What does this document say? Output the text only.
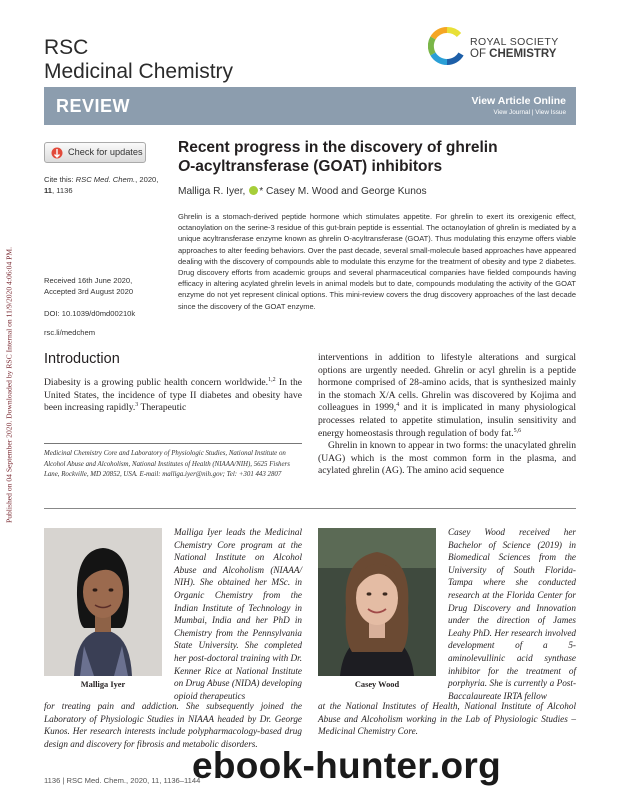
Published on 04 September 2020. Downloaded by RSC Internal on 11/9/2020 4:06:04 PM.
RSC
Medicinal Chemistry
ROYAL SOCIETY
OF CHEMISTRY
REVIEW	View Article Online
View Journal | View Issue
Check for updates
Cite this: RSC Med. Chem., 2020, 11, 1136
Received 16th June 2020,
Accepted 3rd August 2020
DOI: 10.1039/d0md00210k
rsc.li/medchem
Recent progress in the discovery of ghrelin
O-acyltransferase (GOAT) inhibitors
Malliga R. Iyer, * Casey M. Wood and George Kunos
Ghrelin is a stomach-derived peptide hormone which stimulates appetite. For ghrelin to exert its orexigenic effect, octanoylation on the serine-3 residue of this gut-brain peptide is essential. The octanoylation of ghrelin is mediated by a unique acyltransferase enzyme known as ghrelin O-acyltransferase (GOAT). Thus modulating this enzyme offers viable approaches to alter feeding behaviors. Over the past decade, several small-molecule based approaches have appeared dealing with the discovery of compounds able to modulate this enzyme for the treatment of obesity and type 2 diabetes. Drug discovery efforts from academic groups and several pharmaceutical companies have fielded compounds having efficacy in altering acylated ghrelin levels in animal models but to date, compounds modulating the activity of the GOAT enzyme do not yet represent clinical options. This mini-review covers the drug discovery approaches of the last decade since the discovery of the GOAT enzyme.
Introduction
Diabesity is a growing public health concern worldwide.$^{1,2}$ In the United States, the incidence of type II diabetes and obesity have been increasing rapidly.$^3$ Therapeutic
Medicinal Chemistry Core and Laboratory of Physiologic Studies, National Institute on Alcohol Abuse and Alcoholism, National Institutes of Health (NIAAA/NIH), 5625 Fishers Lane, Rockville, MD 20852, USA. E-mail: malliga.iyer@nih.gov; Tel: +301 443 2807

interventions in addition to lifestyle alterations and surgical options are urgently needed. Ghrelin or acyl ghrelin is a peptide hormone comprised of 28-amino acids, that is synthesized mainly in the stomach X/A cells. Ghrelin was discovered by Kojima and colleagues in 1999,$^4$ and it is implicated in many physiological processes related to appetite stimulation, insulin sensitivity and energy homeostasis through regulation of body fat.$^{5,6}$

Ghrelin in known to appear in two forms: the unacylated ghrelin (UAG) which is the most common form in the plasma, and acylated ghrelin (AG). The amino acid sequence

Malliga Iyer
Malliga Iyer leads the Medicinal Chemistry Core program at the National Institute on Alcohol Abuse and Alcoholism (NIAAA/ NIH). She obtained her MSc. in Organic Chemistry from the Indian Institute of Technology in Mumbai, India and her PhD in Chemistry from the Pennsylvania State University. She completed her post-doctoral training with Dr. Kenner Rice at National Institute on Drug Abuse (NIDA) developing opioid therapeutics
for treating pain and addiction. She subsequently joined the Laboratory of Physiologic Studies in NIAAA headed by Dr. George Kunos. Her research interests include polypharmacology-based drug design and discovery for fibrosis and metabolic disorders.
Casey Wood
Casey Wood received her Bachelor of Science (2019) in Biomedical Sciences from the University of South Florida-Tampa where she conducted research at the Florida Center for Drug Discovery and Innovation under the direction of James Leahy PhD. Her research involved development of a 5-aminolevullinic acid synthase inhibitor for the treatment of porphyria. She is currently a Post-Baccalaureate IRTA fellow
at the National Institutes of Health, National Institute of Alcohol Abuse and Alcoholism working in the Lab of Physiologic Studies – Medicinal Chemistry Core.
1136 | RSC Med. Chem., 2020, 11, 1136–1144
ebook-hunter.org
